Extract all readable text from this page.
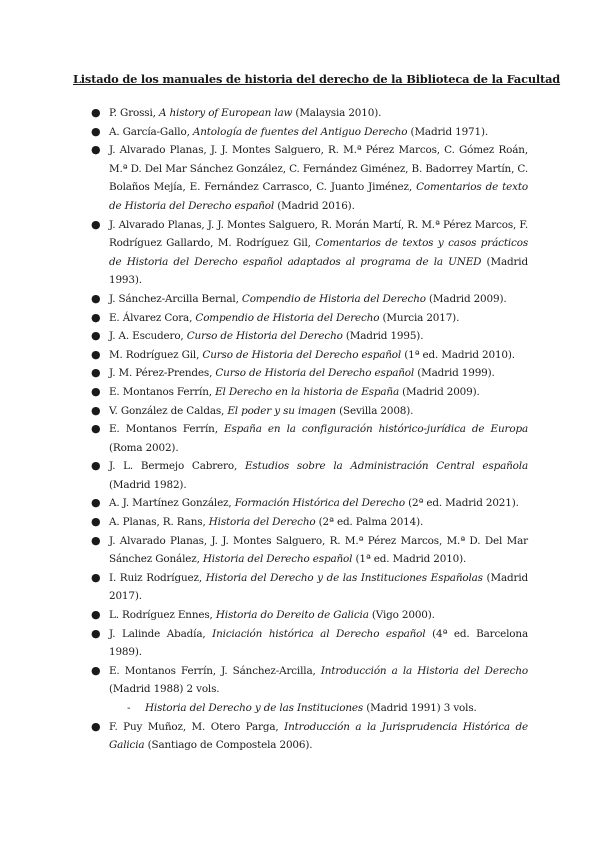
Listado de los manuales de historia del derecho de la Biblioteca de la Facultad
● P. Grossi, A history of European law (Malaysia 2010).
● A. García-Gallo, Antología de fuentes del Antiguo Derecho (Madrid 1971).
● J. Alvarado Planas, J. J. Montes Salguero, R. M.ª Pérez Marcos, C. Gómez Roán, M.ª D. Del Mar Sánchez González, C. Fernández Giménez, B. Badorrey Martín, C. Bolaños Mejía, E. Fernández Carrasco, C. Juanto Jiménez, Comentarios de texto de Historia del Derecho español (Madrid 2016).
● J. Alvarado Planas, J. J. Montes Salguero, R. Morán Martí, R. M.ª Pérez Marcos, F. Rodríguez Gallardo, M. Rodríguez Gil, Comentarios de textos y casos prácticos de Historia del Derecho español adaptados al programa de la UNED (Madrid 1993).
● J. Sánchez-Arcilla Bernal, Compendio de Historia del Derecho (Madrid 2009).
● E. Álvarez Cora, Compendio de Historia del Derecho (Murcia 2017).
● J. A. Escudero, Curso de Historia del Derecho (Madrid 1995).
● M. Rodríguez Gil, Curso de Historia del Derecho español (1ª ed. Madrid 2010).
● J. M. Pérez-Prendes, Curso de Historia del Derecho español (Madrid 1999).
● E. Montanos Ferrín, El Derecho en la historia de España (Madrid 2009).
● V. González de Caldas, El poder y su imagen (Sevilla 2008).
● E. Montanos Ferrín, España en la configuración histórico-jurídica de Europa (Roma 2002).
● J. L. Bermejo Cabrero, Estudios sobre la Administración Central española (Madrid 1982).
● A. J. Martínez González, Formación Histórica del Derecho (2ª ed. Madrid 2021).
● A. Planas, R. Rans, Historia del Derecho (2ª ed. Palma 2014).
● J. Alvarado Planas, J. J. Montes Salguero, R. M.ª Pérez Marcos, M.ª D. Del Mar Sánchez Gonález, Historia del Derecho español (1ª ed. Madrid 2010).
● I. Ruiz Rodríguez, Historia del Derecho y de las Instituciones Españolas (Madrid 2017).
● L. Rodríguez Ennes, Historia do Dereito de Galicia (Vigo 2000).
● J. Lalinde Abadía, Iniciación histórica al Derecho español (4ª ed. Barcelona 1989).
● E. Montanos Ferrín, J. Sánchez-Arcilla, Introducción a la Historia del Derecho (Madrid 1988) 2 vols.
- Historia del Derecho y de las Instituciones (Madrid 1991) 3 vols.
● F. Puy Muñoz, M. Otero Parga, Introducción a la Jurisprudencia Histórica de Galicia (Santiago de Compostela 2006).
